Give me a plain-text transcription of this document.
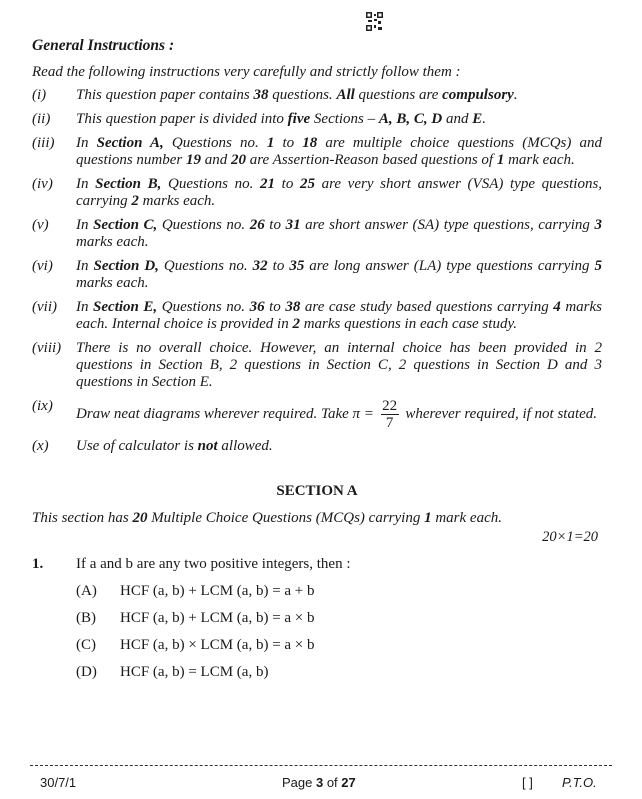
General Instructions :
Read the following instructions very carefully and strictly follow them :
(i)	This question paper contains 38 questions. All questions are compulsory.
(ii)	This question paper is divided into five Sections – A, B, C, D and E.
(iii)	In Section A, Questions no. 1 to 18 are multiple choice questions (MCQs) and questions number 19 and 20 are Assertion-Reason based questions of 1 mark each.
(iv)	In Section B, Questions no. 21 to 25 are very short answer (VSA) type questions, carrying 2 marks each.
(v)	In Section C, Questions no. 26 to 31 are short answer (SA) type questions, carrying 3 marks each.
(vi)	In Section D, Questions no. 32 to 35 are long answer (LA) type questions carrying 5 marks each.
(vii)	In Section E, Questions no. 36 to 38 are case study based questions carrying 4 marks each. Internal choice is provided in 2 marks questions in each case study.
(viii) There is no overall choice. However, an internal choice has been provided in 2 questions in Section B, 2 questions in Section C, 2 questions in Section D and 3 questions in Section E.
(ix)	Draw neat diagrams wherever required. Take $\pi = \frac{22}{7}$ wherever required, if not stated.
(x)	Use of calculator is not allowed.
SECTION A
This section has 20 Multiple Choice Questions (MCQs) carrying 1 mark each.
20×1=20
1.	If a and b are any two positive integers, then :
(A)	HCF (a, b) + LCM (a, b) = a + b
(B)	HCF (a, b) + LCM (a, b) = a × b
(C)	HCF (a, b) × LCM (a, b) = a × b
(D)	HCF (a, b) = LCM (a, b)
30/7/1	Page 3 of 27	[ ] P.T.O.
